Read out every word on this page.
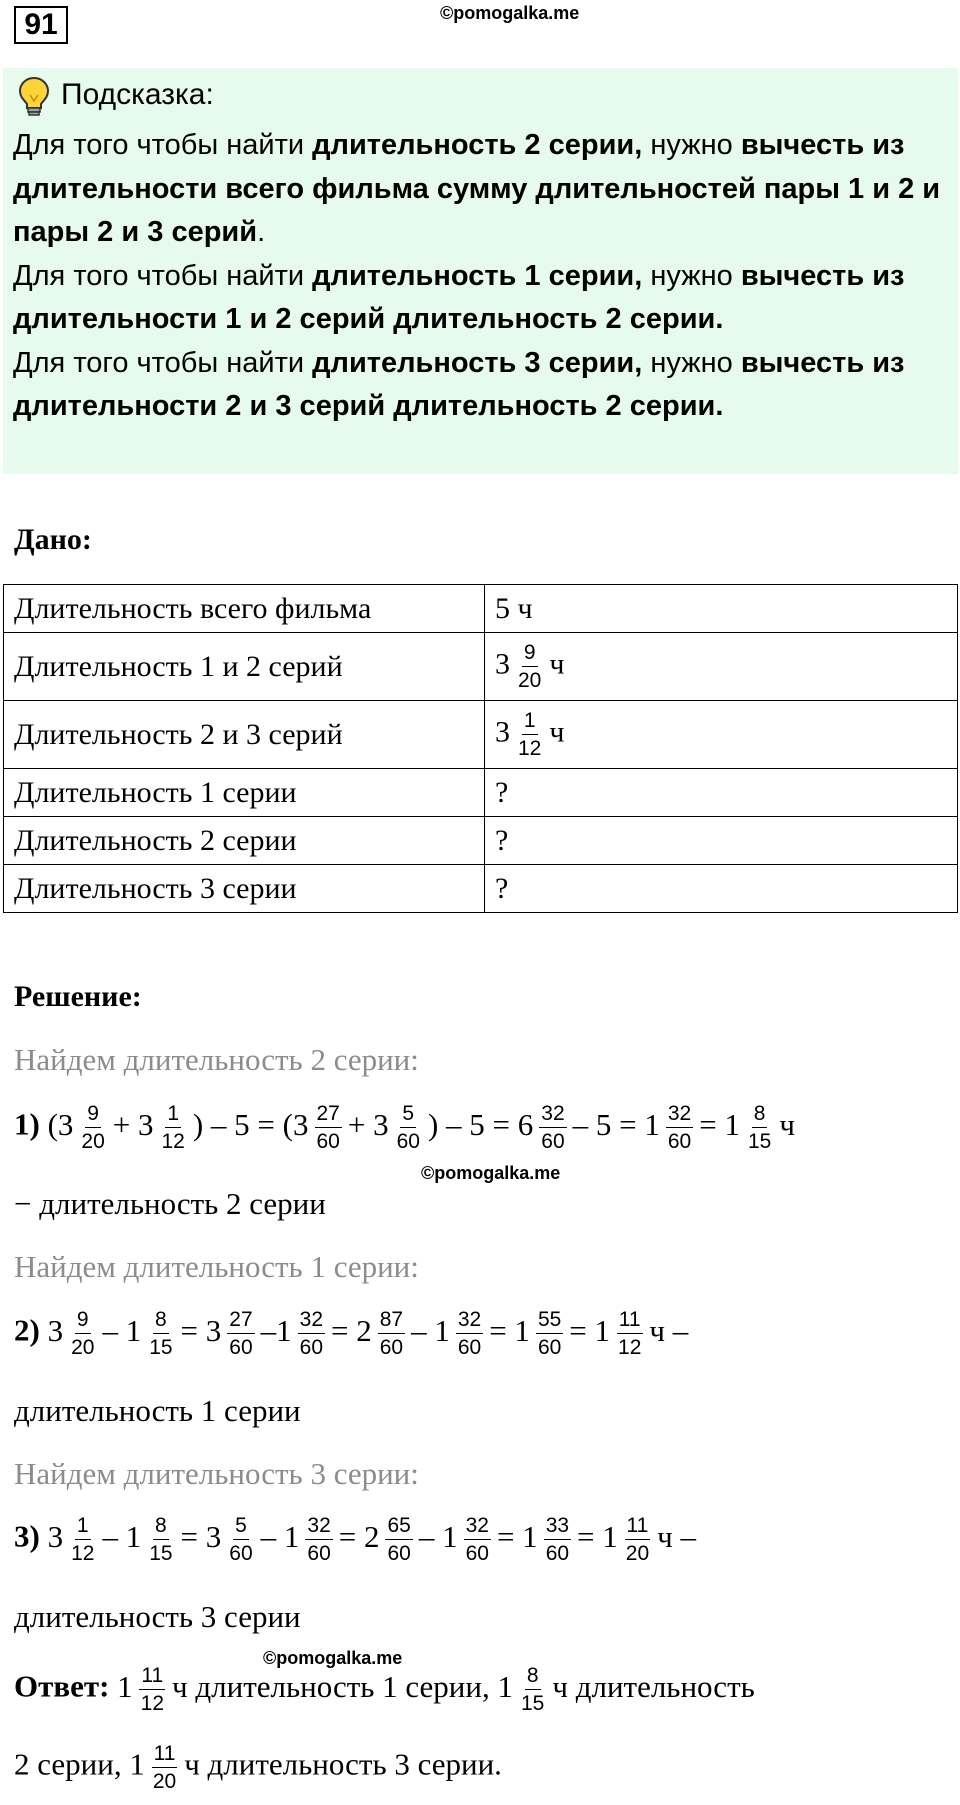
91	©pomogalka.me
Подсказка:
Для того чтобы найти длительность 2 серии, нужно вычесть из длительности всего фильма сумму длительностей пары 1 и 2 и пары 2 и 3 серий.
Для того чтобы найти длительность 1 серии, нужно вычесть из длительности 1 и 2 серий длительность 2 серии.
Для того чтобы найти длительность 3 серии, нужно вычесть из длительности 2 и 3 серий длительность 2 серии.
Дано:
Длительность всего фильма	5 ч
Длительность 1 и 2 серий	$3 \frac{9}{20}$ ч
Длительность 2 и 3 серий	$3 \frac{1}{12}$ ч
Длительность 1 серии	?
Длительность 2 серии	?
Длительность 3 серии	?
Решение:
Найдем длительность 2 серии:
1) ($3 \frac{9}{20} + 3 \frac{1}{12}$ ) – $5 = (3 \frac{27}{60} + 3 \frac{5}{60}$ ) – $5 = 6 \frac{32}{60} - 5 = 1 \frac{32}{60} = 1 \frac{8}{15}$ ч
©pomogalka.me
− длительность 2 серии
Найдем длительность 1 серии:
2) $3 \frac{9}{20} - 1 \frac{8}{15} = 3 \frac{27}{60} -1 \frac{32}{60} = 2 \frac{87}{60} - 1 \frac{32}{60} = 1 \frac{55}{60} = 1 \frac{11}{12}$ ч –
длительность 1 серии
Найдем длительность 3 серии:
3) $3 \frac{1}{12} - 1 \frac{8}{15} = 3 \frac{5}{60} - 1 \frac{32}{60} = 2 \frac{65}{60} - 1 \frac{32}{60} = 1 \frac{33}{60} = 1 \frac{11}{20}$ ч –
длительность 3 серии
©pomogalka.me
Ответ: $1 \frac{11}{12}$ ч длительность 1 серии, $1 \frac{8}{15}$ ч длительность
2 серии, $1 \frac{11}{20}$ ч длительность 3 серии.
